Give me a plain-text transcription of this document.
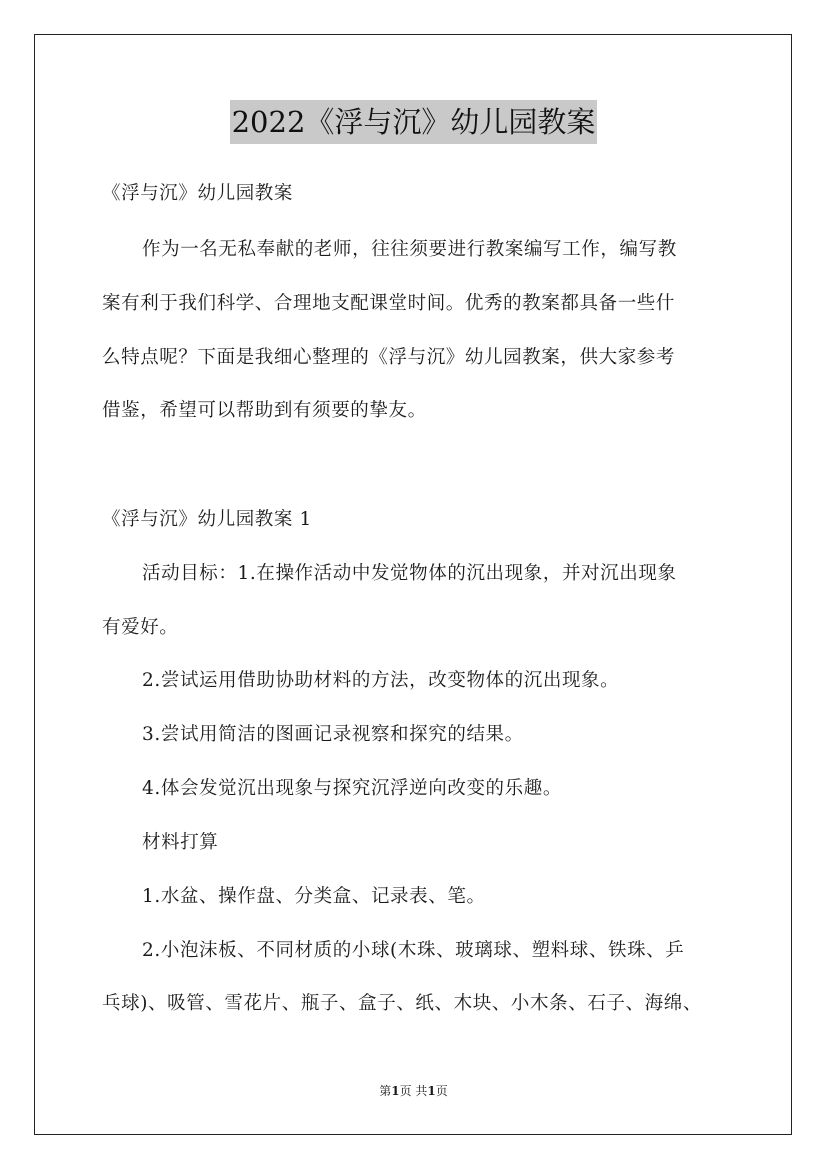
2022《浮与沉》幼儿园教案
《浮与沉》幼儿园教案
作为一名无私奉献的老师，往往须要进行教案编写工作，编写教
案有利于我们科学、合理地支配课堂时间。优秀的教案都具备一些什
么特点呢？下面是我细心整理的《浮与沉》幼儿园教案，供大家参考
借鉴，希望可以帮助到有须要的挚友。
《浮与沉》幼儿园教案 1
活动目标：1.在操作活动中发觉物体的沉出现象，并对沉出现象
有爱好。
2.尝试运用借助协助材料的方法，改变物体的沉出现象。
3.尝试用简洁的图画记录视察和探究的结果。
4.体会发觉沉出现象与探究沉浮逆向改变的乐趣。
材料打算
1.水盆、操作盘、分类盒、记录表、笔。
2.小泡沫板、不同材质的小球(木珠、玻璃球、塑料球、铁珠、乒
乓球)、吸管、雪花片、瓶子、盒子、纸、木块、小木条、石子、海绵、
第1页 共1页
